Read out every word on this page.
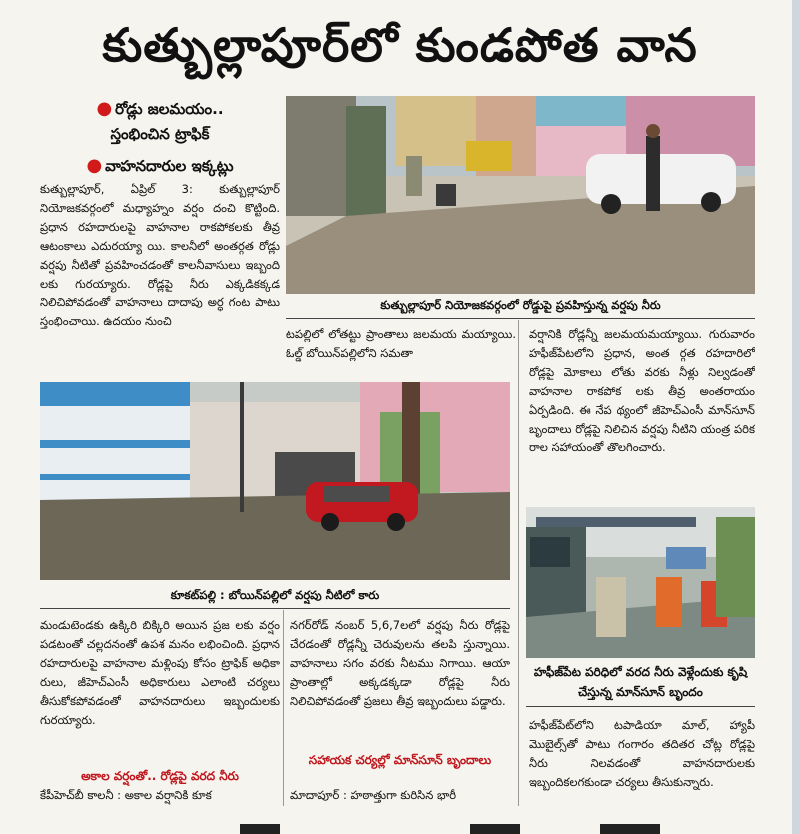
కుత్బుల్లాపూర్‌లో కుండపోత వాన
● రోడ్లు జలమయం..
స్తంభించిన ట్రాఫిక్
● వాహనదారుల ఇక్కట్లు
కుత్బుల్లాపూర్, ఏప్రిల్ 3: కుత్బుల్లాపూర్ నియోజకవర్గంలో మధ్యాహ్నం వర్షం దంచి కొట్టింది. ప్రధాన రహదారులపై వాహనాల రాకపోకలకు తీవ్ర ఆటంకాలు ఎదురయ్యా యి. కాలనీలో అంతర్గత రోడ్లు వర్షపు నీటితో ప్రవహించడంతో కాలనీవాసులు ఇబ్బంది లకు గురయ్యారు. రోడ్లపై నీరు ఎక్కడికక్కడ నిలిచిపోవడంతో వాహనాలు దాదాపు అర్ధ గంట పాటు స్తంభించాయి. ఉదయం నుంచి
కుత్బుల్లాపూర్ నియోజకవర్గంలో రోడ్డుపై ప్రవహిస్తున్న వర్షపు నీరు
టపల్లిలో లోతట్టు ప్రాంతాలు జలమయ మయ్యాయి. ఓల్డ్ బోయిన్‌పల్లిలోని సమతా
వర్షానికి రోడ్లన్నీ జలమయమయ్యాయి. గురువారం హఫీజ్‌పేటలోని ప్రధాన, అంత ర్గత రహదారిలో రోడ్లపై మోకాలు లోతు వరకు నీళ్లు నిల్వడంతో వాహనాల రాకపోక లకు తీవ్ర అంతరాయం ఏర్పడింది. ఈ నేప థ్యంలో జీహెచ్‌ఎంసీ మాన్‌సూన్ బృందాలు రోడ్లపై నిలిచిన వర్షపు నీటిని యంత్ర పరిక రాల సహాయంతో తొలగించారు.
కూకట్‌పల్లి : బోయిన్‌పల్లిలో వర్షపు నీటిలో కారు
హఫీజ్‌పేట పరిధిలో వరద నీరు వెళ్లేందుకు కృషి చేస్తున్న మాన్‌సూన్ బృందం
మండుటెండకు ఉక్కిరి బిక్కిరి అయిన ప్రజ లకు వర్షం పడటంతో చల్లదనంతో ఉపశ మనం లభించింది. ప్రధాన రహదారులపై వాహనాల మళ్లింపు కోసం ట్రాఫిక్ అధికా రులు, జీహెచ్‌ఎంసీ అధికారులు ఎలాంటి చర్యలు తీసుకోకపోవడంతో వాహనదారులు ఇబ్బందులకు గురయ్యారు.
అకాల వర్షంతో.. రోడ్లపై వరద నీరు
కేపీహెచ్‌బీ కాలనీ : అకాల వర్షానికి కూక
నగర్‌రోడ్ నంబర్ 5,6,7లలో వర్షపు నీరు రోడ్లపై చేరడంతో రోడ్లన్నీ చెరువులను తలపి స్తున్నాయి. వాహనాలు సగం వరకు నీటము నిగాయి. ఆయా ప్రాంతాల్లో అక్కడక్కడా రోడ్లపై నీరు నిలిచిపోవడంతో ప్రజలు తీవ్ర ఇబ్బందులు పడ్డారు.
సహాయక చర్యల్లో మాన్‌సూన్ బృందాలు
మాదాపూర్ : హఠాత్తుగా కురిసిన భారీ
హఫీజ్‌పేట్‌లోని టపాడియా మాల్, హ్యాపీ మొబైల్స్‌తో పాటు గంగారం తదితర చోట్ల రోడ్లపై నీరు నిలవడంతో వాహనదారులకు ఇబ్బందికలగకుండా చర్యలు తీసుకున్నారు.
